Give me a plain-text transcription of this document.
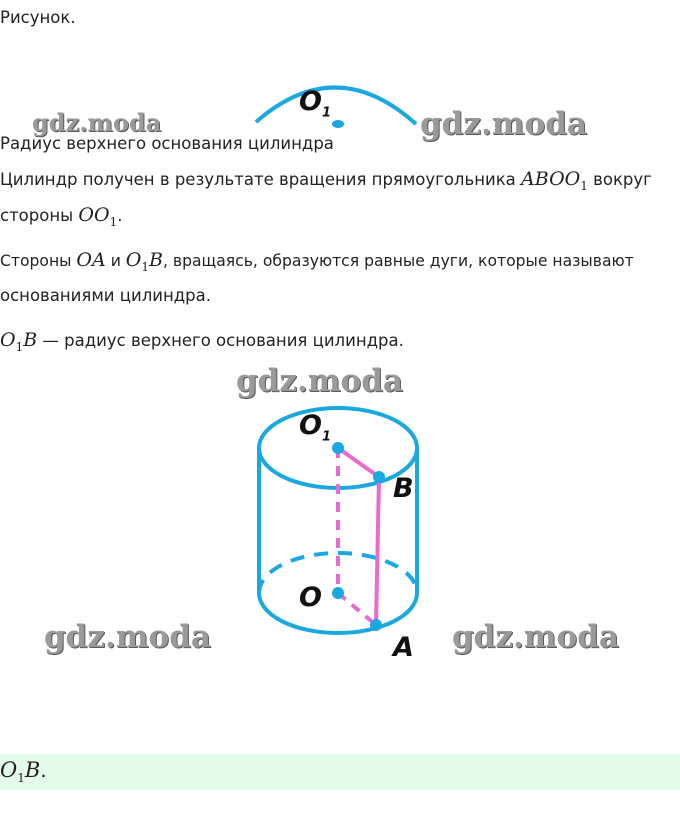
Рисунок.
$O_1$
gdz.moda	gdz.moda
Радиус верхнего основания цилиндра
Цилиндр получен в результате вращения прямоугольника $ABOO_1$ вокруг
стороны $OO_1$.
Стороны OA и $O_1B$, вращаясь, образуются равные дуги, которые называют
основаниями цилиндра.
$O_1B$ — радиус верхнего основания цилиндра.
gdz.moda
$O_1$
B
O
A
gdz.moda	gdz.moda
$O_1B$.
